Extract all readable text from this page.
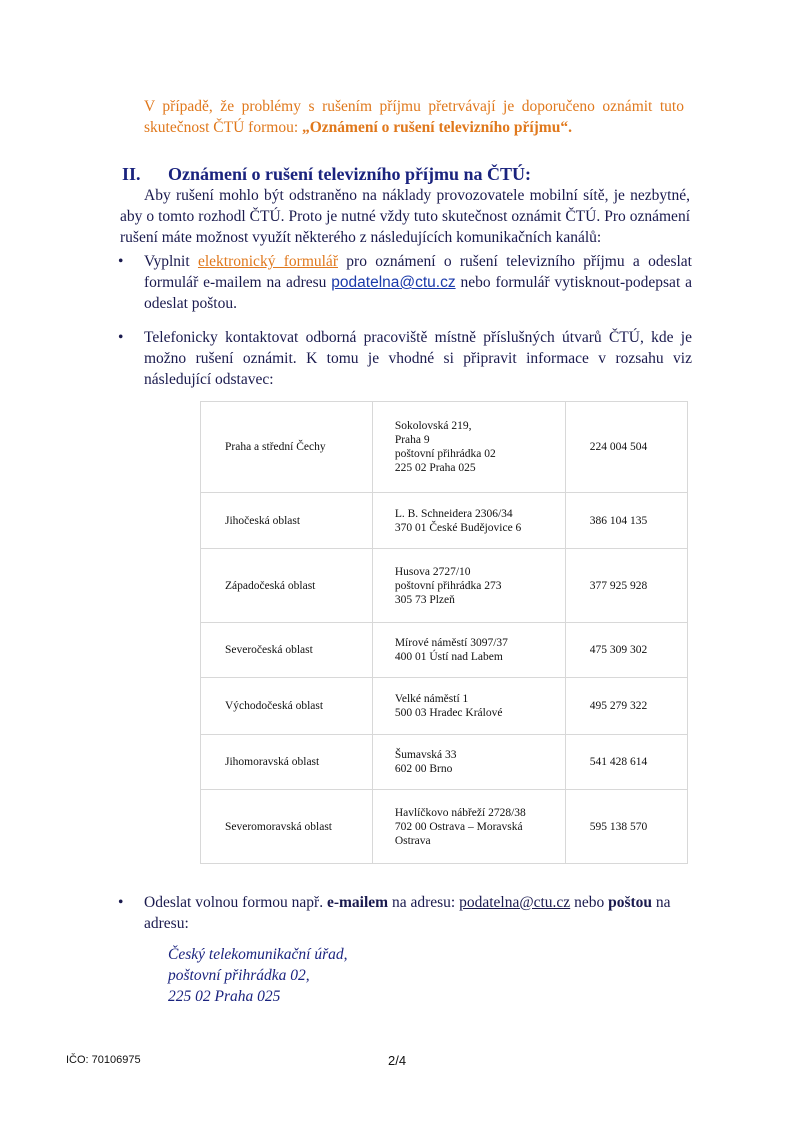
V případě, že problémy s rušením příjmu přetrvávají je doporučeno oznámit tuto skutečnost ČTÚ formou: „Oznámení o rušení televizního příjmu“.
II. Oznámení o rušení televizního příjmu na ČTÚ:
Aby rušení mohlo být odstraněno na náklady provozovatele mobilní sítě, je nezbytné, aby o tomto rozhodl ČTÚ. Proto je nutné vždy tuto skutečnost oznámit ČTÚ. Pro oznámení rušení máte možnost využít některého z následujících komunikačních kanálů:
•	Vyplnit elektronický formulář pro oznámení o rušení televizního příjmu a odeslat formulář e-mailem na adresu podatelna@ctu.cz nebo formulář vytisknout-podepsat a odeslat poštou.
•	Telefonicky kontaktovat odborná pracoviště místně příslušných útvarů ČTÚ, kde je možno rušení oznámit. K tomu je vhodné si připravit informace v rozsahu viz následující odstavec:
Praha a střední Čechy	Sokolovská 219,
Praha 9
poštovní přihrádka 02
225 02 Praha 025	224 004 504
Jihočeská oblast	L. B. Schneidera 2306/34
370 01 České Budějovice 6	386 104 135
Západočeská oblast	Husova 2727/10
poštovní přihrádka 273
305 73 Plzeň	377 925 928
Severočeská oblast	Mírové náměstí 3097/37
400 01 Ústí nad Labem	475 309 302
Východočeská oblast	Velké náměstí 1
500 03 Hradec Králové	495 279 322
Jihomoravská oblast	Šumavská 33
602 00 Brno	541 428 614
Severomoravská oblast	Havlíčkovo nábřeží 2728/38
702 00 Ostrava – Moravská Ostrava	595 138 570
•	Odeslat volnou formou např. e-mailem na adresu: podatelna@ctu.cz nebo poštou na adresu:
Český telekomunikační úřad,
poštovní přihrádka 02,
225 02 Praha 025
IČO: 70106975	2/4
